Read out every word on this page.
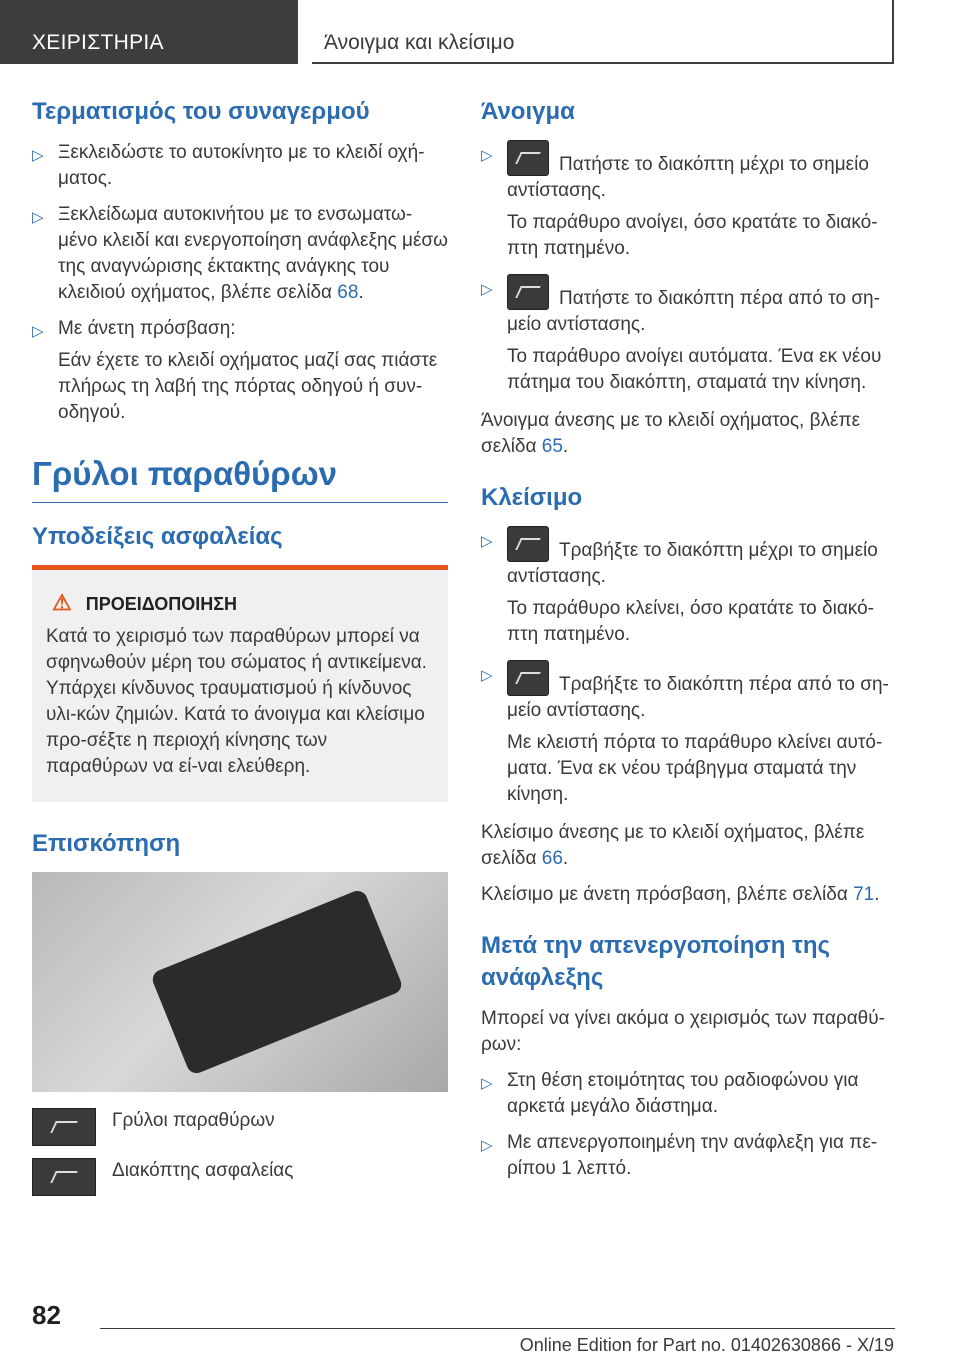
ΧΕΙΡΙΣΤΗΡΙΑ	Άνοιγμα και κλείσιμο
Τερματισμός του συναγερμού
▷ Ξεκλειδώστε το αυτοκίνητο με το κλειδί οχή-ματος.
▷ Ξεκλείδωμα αυτοκινήτου με το ενσωματω-μένο κλειδί και ενεργοποίηση ανάφλεξης μέσω της αναγνώρισης έκτακτης ανάγκης του κλειδιού οχήματος, βλέπε σελίδα 68.
▷ Με άνετη πρόσβαση:
Εάν έχετε το κλειδί οχήματος μαζί σας πιάστε πλήρως τη λαβή της πόρτας οδηγού ή συν-οδηγού.
Γρύλοι παραθύρων
Υποδείξεις ασφαλείας
⚠ ΠΡΟΕΙΔΟΠΟΙΗΣΗ
Κατά το χειρισμό των παραθύρων μπορεί να σφηνωθούν μέρη του σώματος ή αντικείμενα. Υπάρχει κίνδυνος τραυματισμού ή κίνδυνος υλι-κών ζημιών. Κατά το άνοιγμα και κλείσιμο προ-σέξτε η περιοχή κίνησης των παραθύρων να εί-ναι ελεύθερη.
Επισκόπηση
Γρύλοι παραθύρων
Διακόπτης ασφαλείας
Άνοιγμα
▷	Πατήστε το διακόπτη μέχρι το σημείο αντίστασης.
Το παράθυρο ανοίγει, όσο κρατάτε το διακό-πτη πατημένο.
▷	Πατήστε το διακόπτη πέρα από το ση-μείο αντίστασης.
Το παράθυρο ανοίγει αυτόματα. Ένα εκ νέου πάτημα του διακόπτη, σταματά την κίνηση.
Άνοιγμα άνεσης με το κλειδί οχήματος, βλέπε σελίδα 65.
Κλείσιμο
▷	Τραβήξτε το διακόπτη μέχρι το σημείο αντίστασης.
Το παράθυρο κλείνει, όσο κρατάτε το διακό-πτη πατημένο.
▷	Τραβήξτε το διακόπτη πέρα από το ση-μείο αντίστασης.
Με κλειστή πόρτα το παράθυρο κλείνει αυτό-ματα. Ένα εκ νέου τράβηγμα σταματά την κίνηση.
Κλείσιμο άνεσης με το κλειδί οχήματος, βλέπε σελίδα 66.
Κλείσιμο με άνετη πρόσβαση, βλέπε σελίδα 71.
Μετά την απενεργοποίηση της ανάφλεξης
Μπορεί να γίνει ακόμα ο χειρισμός των παραθύ-ρων:
▷ Στη θέση ετοιμότητας του ραδιοφώνου για αρκετά μεγάλο διάστημα.
▷ Με απενεργοποιημένη την ανάφλεξη για πε-ρίπου 1 λεπτό.
82
Online Edition for Part no. 01402630866 - X/19
